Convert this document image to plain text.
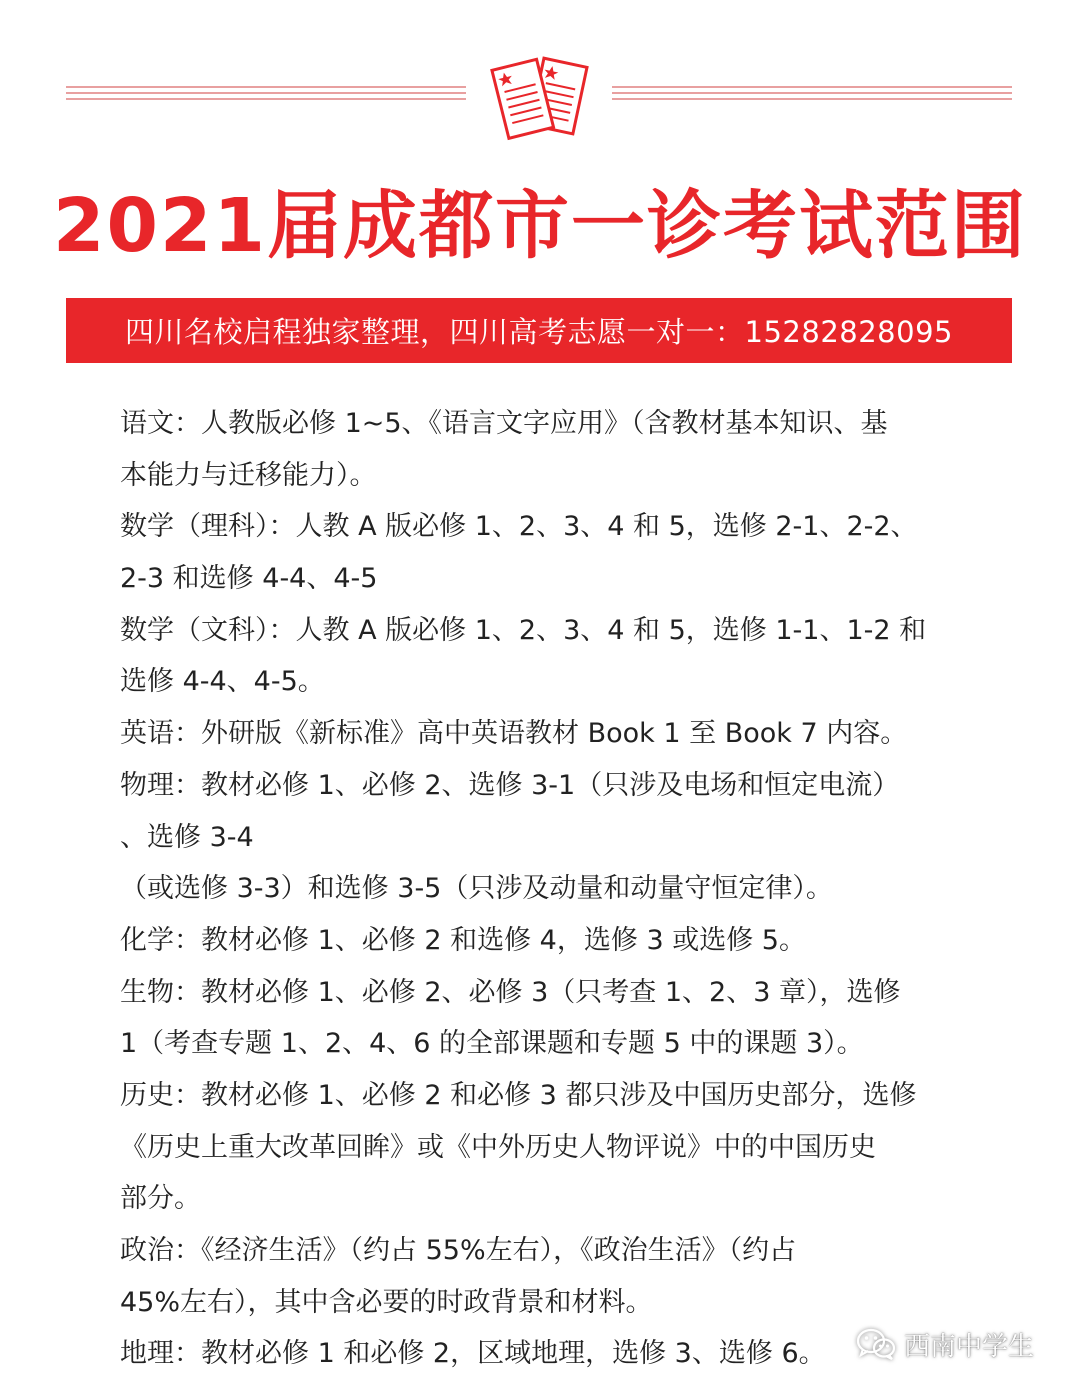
2021届成都市一诊考试范围
四川名校启程独家整理，四川高考志愿一对一：15282828095
语文：人教版必修 1~5、《语言文字应用》（含教材基本知识、基
本能力与迁移能力）。
数学（理科）：人教 A 版必修 1、2、3、4 和 5，选修 2-1、2-2、
2-3 和选修 4-4、4-5
数学（文科）：人教 A 版必修 1、2、3、4 和 5，选修 1-1、1-2 和
选修 4-4、4-5。
英语：外研版《新标准》高中英语教材 Book 1 至 Book 7 内容。
物理：教材必修 1、必修 2、选修 3-1（只涉及电场和恒定电流）
、选修 3-4
（或选修 3-3）和选修 3-5（只涉及动量和动量守恒定律）。
化学：教材必修 1、必修 2 和选修 4，选修 3 或选修 5。
生物：教材必修 1、必修 2、必修 3（只考查 1、2、3 章），选修
1（考查专题 1、2、4、6 的全部课题和专题 5 中的课题 3）。
历史：教材必修 1、必修 2 和必修 3 都只涉及中国历史部分，选修
《历史上重大改革回眸》或《中外历史人物评说》中的中国历史
部分。
政治：《经济生活》（约占 55%左右），《政治生活》（约占
45%左右），其中含必要的时政背景和材料。
地理：教材必修 1 和必修 2，区域地理，选修 3、选修 6。	西南中学生
